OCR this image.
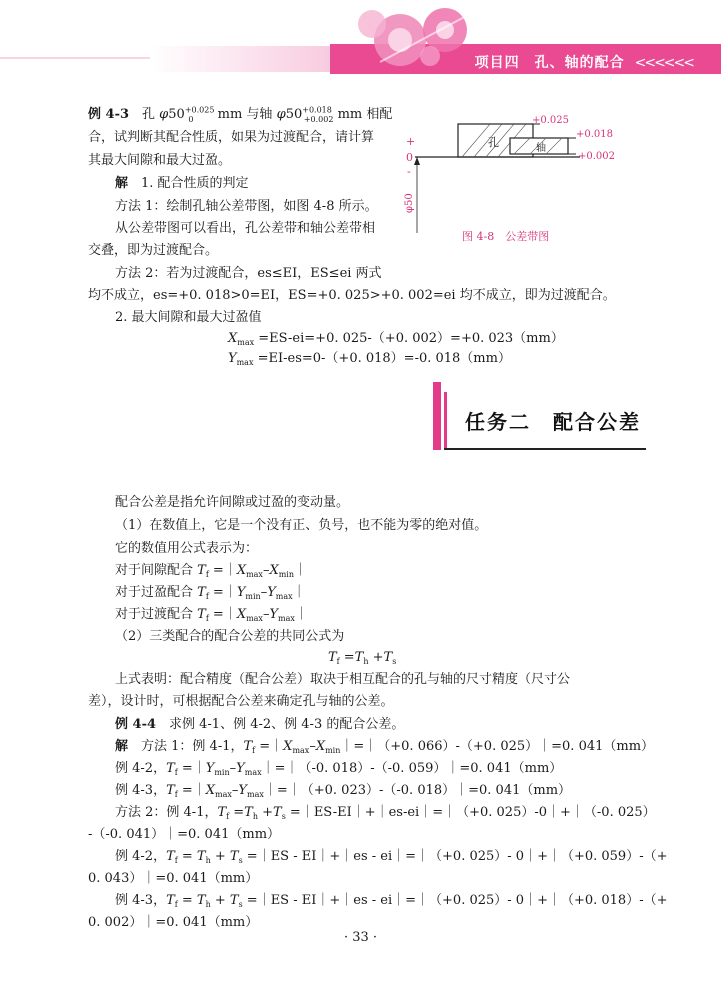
项目四　孔、轴的配合 <<<<<<
例 4-3　孔 $\varphi 50^{+0.025}_0$ mm 与轴 $\varphi 50^{+0.018}_{+0.002}$ mm 相配
合，试判断其配合性质，如果为过渡配合，请计算
其最大间隙和最大过盈。
解　1. 配合性质的判定
方法 1：绘制孔轴公差带图，如图 4-8 所示。
从公差带图可以看出，孔公差带和轴公差带相
交叠，即为过渡配合。
方法 2：若为过渡配合，es≤EI，ES≤ei 两式
均不成立，es=+0. 018>0=EI，ES=+0. 025>+0. 002=ei 均不成立，即为过渡配合。
2. 最大间隙和最大过盈值
$X_{max} =ES-ei=+0$. 025-（+0. 002）=+0. 023（mm）
$Y_{max} =EI-es=0-(+0$. 018）=-0. 018（mm）
孔	轴
+0.025
+0.018
+0.002
+
0
-
φ50
图 4-8　公差带图
任务二　配合公差
配合公差是指允许间隙或过盈的变动量。
（1）在数值上，它是一个没有正、负号，也不能为零的绝对值。
它的数值用公式表示为：
对于间隙配合 $T_f$ $=|X_{max}-X_{min}|$
对于过盈配合 $T_f$ $=|Y_{min}-Y_{max}|$
对于过渡配合 $T_f$ $=|X_{max}-Y_{max}|$
（2）三类配合的配合公差的共同公式为
$T_f =T_h +T_s$
上式表明：配合精度（配合公差）取决于相互配合的孔与轴的尺寸精度（尺寸公
差），设计时，可根据配合公差来确定孔与轴的公差。
例 4-4　求例 4-1、例 4-2、例 4-3 的配合公差。
解　方法 1：例 4-1，$T_f$ $=|X_{max}-X_{min}|=|(+0$. 066）-（+0. 025）｜=0. 041（mm）
例 4-2，$T_f$ $=|Y_{min}-Y_{max}|=|(-0$. 018）-（-0. 059）｜=0. 041（mm）
例 4-3，$T_f$ $=|X_{max}-Y_{max}|=|(+0$. 023）-（-0. 018）｜=0. 041（mm）
方法 2：例 4-1，$T_f =T_h +T_s$ =｜ES-EI｜+｜es-ei｜=｜（+0. 025）-0｜+｜（-0. 025）
-（-0. 041）｜=0. 041（mm）
例 4-2，$T_f = T_h + T_s$ =｜ES - EI｜+｜es - ei｜=｜（+0. 025）- 0｜+｜（+0. 059）-（+
0. 043）｜=0. 041（mm）
例 4-3，$T_f = T_h + T_s$ =｜ES - EI｜+｜es - ei｜=｜（+0. 025）- 0｜+｜（+0. 018）-（+
0. 002）｜=0. 041（mm）
· 33 ·
